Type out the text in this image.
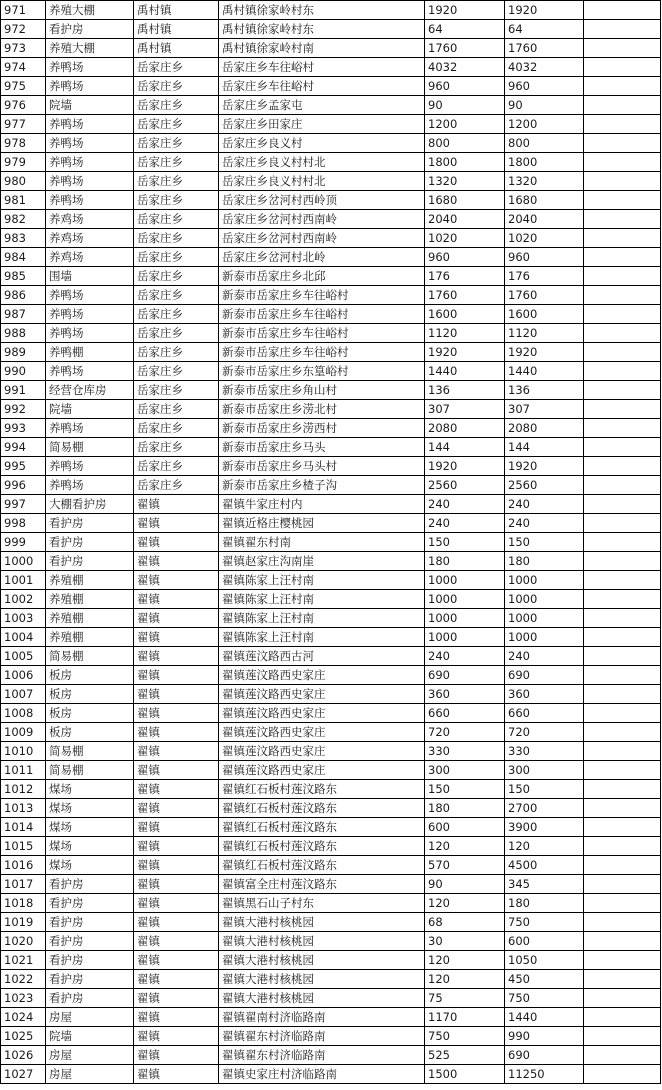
971	养殖大棚	禹村镇	禹村镇徐家岭村东	1920	1920	
972	看护房	禹村镇	禹村镇徐家岭村东	64	64	
973	养殖大棚	禹村镇	禹村镇徐家岭村南	1760	1760	
974	养鸭场	岳家庄乡	岳家庄乡车往峪村	4032	4032	
975	养鸭场	岳家庄乡	岳家庄乡车往峪村	960	960	
976	院墙	岳家庄乡	岳家庄乡孟家屯	90	90	
977	养鸭场	岳家庄乡	岳家庄乡田家庄	1200	1200	
978	养鸭场	岳家庄乡	岳家庄乡良义村	800	800	
979	养鸭场	岳家庄乡	岳家庄乡良义村村北	1800	1800	
980	养鸭场	岳家庄乡	岳家庄乡良义村村北	1320	1320	
981	养鸭场	岳家庄乡	岳家庄乡岔河村西岭顶	1680	1680	
982	养鸡场	岳家庄乡	岳家庄乡岔河村西南岭	2040	2040	
983	养鸡场	岳家庄乡	岳家庄乡岔河村西南岭	1020	1020	
984	养鸡场	岳家庄乡	岳家庄乡岔河村北岭	960	960	
985	围墙	岳家庄乡	新泰市岳家庄乡北邱	176	176	
986	养鸭场	岳家庄乡	新泰市岳家庄乡车往峪村	1760	1760	
987	养鸭场	岳家庄乡	新泰市岳家庄乡车往峪村	1600	1600	
988	养鸭场	岳家庄乡	新泰市岳家庄乡车往峪村	1120	1120	
989	养鸭棚	岳家庄乡	新泰市岳家庄乡车往峪村	1920	1920	
990	养鸭场	岳家庄乡	新泰市岳家庄乡东篁峪村	1440	1440	
991	经营仓库房	岳家庄乡	新泰市岳家庄乡角山村	136	136	
992	院墙	岳家庄乡	新泰市岳家庄乡涝北村	307	307	
993	养鸭场	岳家庄乡	新泰市岳家庄乡涝西村	2080	2080	
994	简易棚	岳家庄乡	新泰市岳家庄乡马头	144	144	
995	养鸭场	岳家庄乡	新泰市岳家庄乡马头村	1920	1920	
996	养鸭场	岳家庄乡	新泰市岳家庄乡楂子沟	2560	2560	
997	大棚看护房	翟镇	翟镇牛家庄村内	240	240	
998	看护房	翟镇	翟镇近格庄樱桃园	240	240	
999	看护房	翟镇	翟镇翟东村南	150	150	
1000	看护房	翟镇	翟镇赵家庄沟南崖	180	180	
1001	养殖棚	翟镇	翟镇陈家上汪村南	1000	1000	
1002	养殖棚	翟镇	翟镇陈家上汪村南	1000	1000	
1003	养殖棚	翟镇	翟镇陈家上汪村南	1000	1000	
1004	养殖棚	翟镇	翟镇陈家上汪村南	1000	1000	
1005	简易棚	翟镇	翟镇莲汶路西古河	240	240	
1006	板房	翟镇	翟镇莲汶路西史家庄	690	690	
1007	板房	翟镇	翟镇莲汶路西史家庄	360	360	
1008	板房	翟镇	翟镇莲汶路西史家庄	660	660	
1009	板房	翟镇	翟镇莲汶路西史家庄	720	720	
1010	简易棚	翟镇	翟镇莲汶路西史家庄	330	330	
1011	简易棚	翟镇	翟镇莲汶路西史家庄	300	300	
1012	煤场	翟镇	翟镇红石板村莲汶路东	150	150	
1013	煤场	翟镇	翟镇红石板村莲汶路东	180	2700	
1014	煤场	翟镇	翟镇红石板村莲汶路东	600	3900	
1015	煤场	翟镇	翟镇红石板村莲汶路东	120	120	
1016	煤场	翟镇	翟镇红石板村莲汶路东	570	4500	
1017	看护房	翟镇	翟镇富全庄村莲汶路东	90	345	
1018	看护房	翟镇	翟镇黑石山子村东	120	180	
1019	看护房	翟镇	翟镇大港村核桃园	68	750	
1020	看护房	翟镇	翟镇大港村核桃园	30	600	
1021	看护房	翟镇	翟镇大港村核桃园	120	1050	
1022	看护房	翟镇	翟镇大港村核桃园	120	450	
1023	看护房	翟镇	翟镇大港村核桃园	75	750	
1024	房屋	翟镇	翟镇翟南村济临路南	1170	1440	
1025	院墙	翟镇	翟镇翟东村济临路南	750	990	
1026	房屋	翟镇	翟镇翟东村济临路南	525	690	
1027	房屋	翟镇	翟镇史家庄村济临路南	1500	11250	
